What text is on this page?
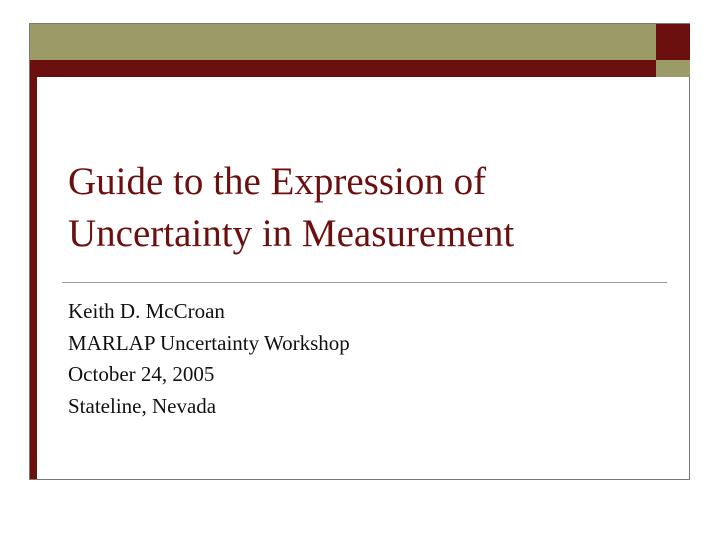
Guide to the Expression of
Uncertainty in Measurement
Keith D. McCroan
MARLAP Uncertainty Workshop
October 24, 2005
Stateline, Nevada
